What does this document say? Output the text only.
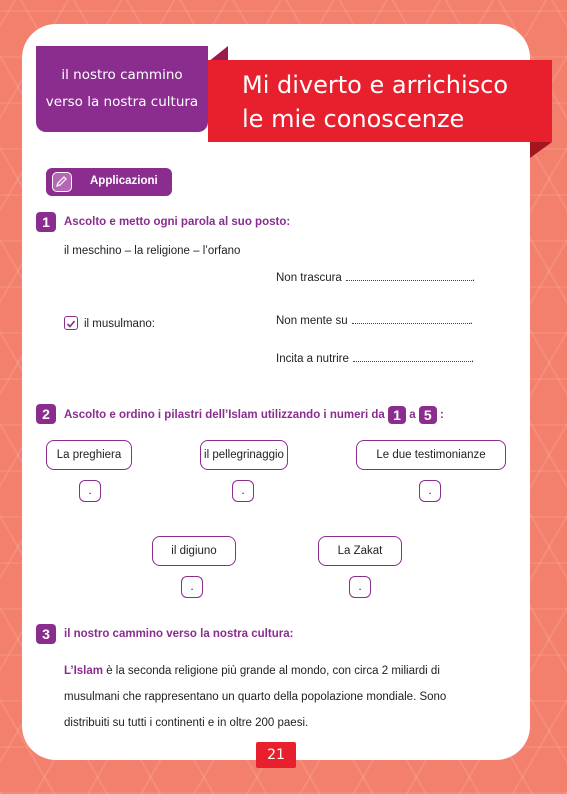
Mi diverto e arrichisco
le mie conoscenze
il nostro cammino
verso la nostra cultura
Applicazioni
1	Ascolto e metto ogni parola al suo posto:
il meschino – la religione – l’orfano
Non trascura	.
Non mente su	.
Incita a nutrire	.
il musulmano:
2	Ascolto e ordino i pilastri dell’Islam utilizzando i numeri da 1 a 5 :
La preghiera	il pellegrinaggio	Le due testimonianze
il digiuno	La Zakat
.	.	.
.	.
3	il nostro cammino verso la nostra cultura:
L’Islam è la seconda religione più grande al mondo, con circa 2 miliardi di musulmani che rappresentano un quarto della popolazione mondiale. Sono distribuiti su tutti i continenti e in oltre 200 paesi.
21
